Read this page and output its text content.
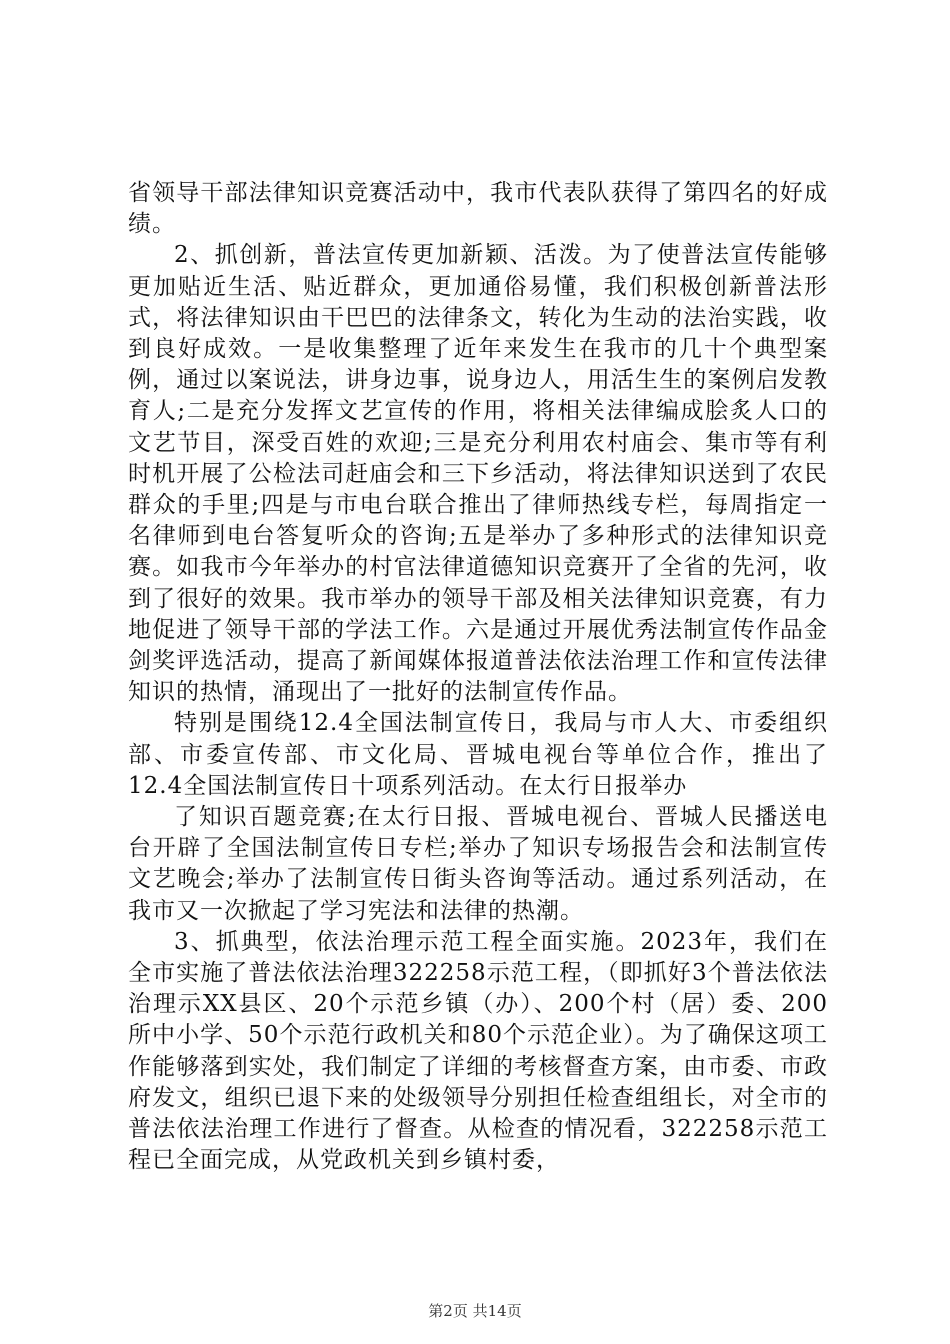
省领导干部法律知识竞赛活动中，我市代表队获得了第四名的好成绩。

2、抓创新，普法宣传更加新颖、活泼。为了使普法宣传能够更加贴近生活、贴近群众，更加通俗易懂，我们积极创新普法形式，将法律知识由干巴巴的法律条文，转化为生动的法治实践，收到良好成效。一是收集整理了近年来发生在我市的几十个典型案例，通过以案说法，讲身边事，说身边人，用活生生的案例启发教育人;二是充分发挥文艺宣传的作用，将相关法律编成脍炙人口的文艺节目，深受百姓的欢迎;三是充分利用农村庙会、集市等有利时机开展了公检法司赶庙会和三下乡活动，将法律知识送到了农民群众的手里;四是与市电台联合推出了律师热线专栏，每周指定一名律师到电台答复听众的咨询;五是举办了多种形式的法律知识竞赛。如我市今年举办的村官法律道德知识竞赛开了全省的先河，收到了很好的效果。我市举办的领导干部及相关法律知识竞赛，有力地促进了领导干部的学法工作。六是通过开展优秀法制宣传作品金剑奖评选活动，提高了新闻媒体报道普法依法治理工作和宣传法律知识的热情，涌现出了一批好的法制宣传作品。

特别是围绕12.4全国法制宣传日，我局与市人大、市委组织部、市委宣传部、市文化局、晋城电视台等单位合作，推出了12.4全国法制宣传日十项系列活动。在太行日报举办

了知识百题竞赛;在太行日报、晋城电视台、晋城人民播送电台开辟了全国法制宣传日专栏;举办了知识专场报告会和法制宣传文艺晚会;举办了法制宣传日街头咨询等活动。通过系列活动，在我市又一次掀起了学习宪法和法律的热潮。

3、抓典型，依法治理示范工程全面实施。2023年，我们在全市实施了普法依法治理322258示范工程，（即抓好3个普法依法治理示XX县区、20个示范乡镇（办）、200个村（居）委、200所中小学、50个示范行政机关和80个示范企业）。为了确保这项工作能够落到实处，我们制定了详细的考核督查方案，由市委、市政府发文，组织已退下来的处级领导分别担任检查组组长，对全市的普法依法治理工作进行了督查。从检查的情况看，322258示范工程已全面完成，从党政机关到乡镇村委，

第2页 共14页
